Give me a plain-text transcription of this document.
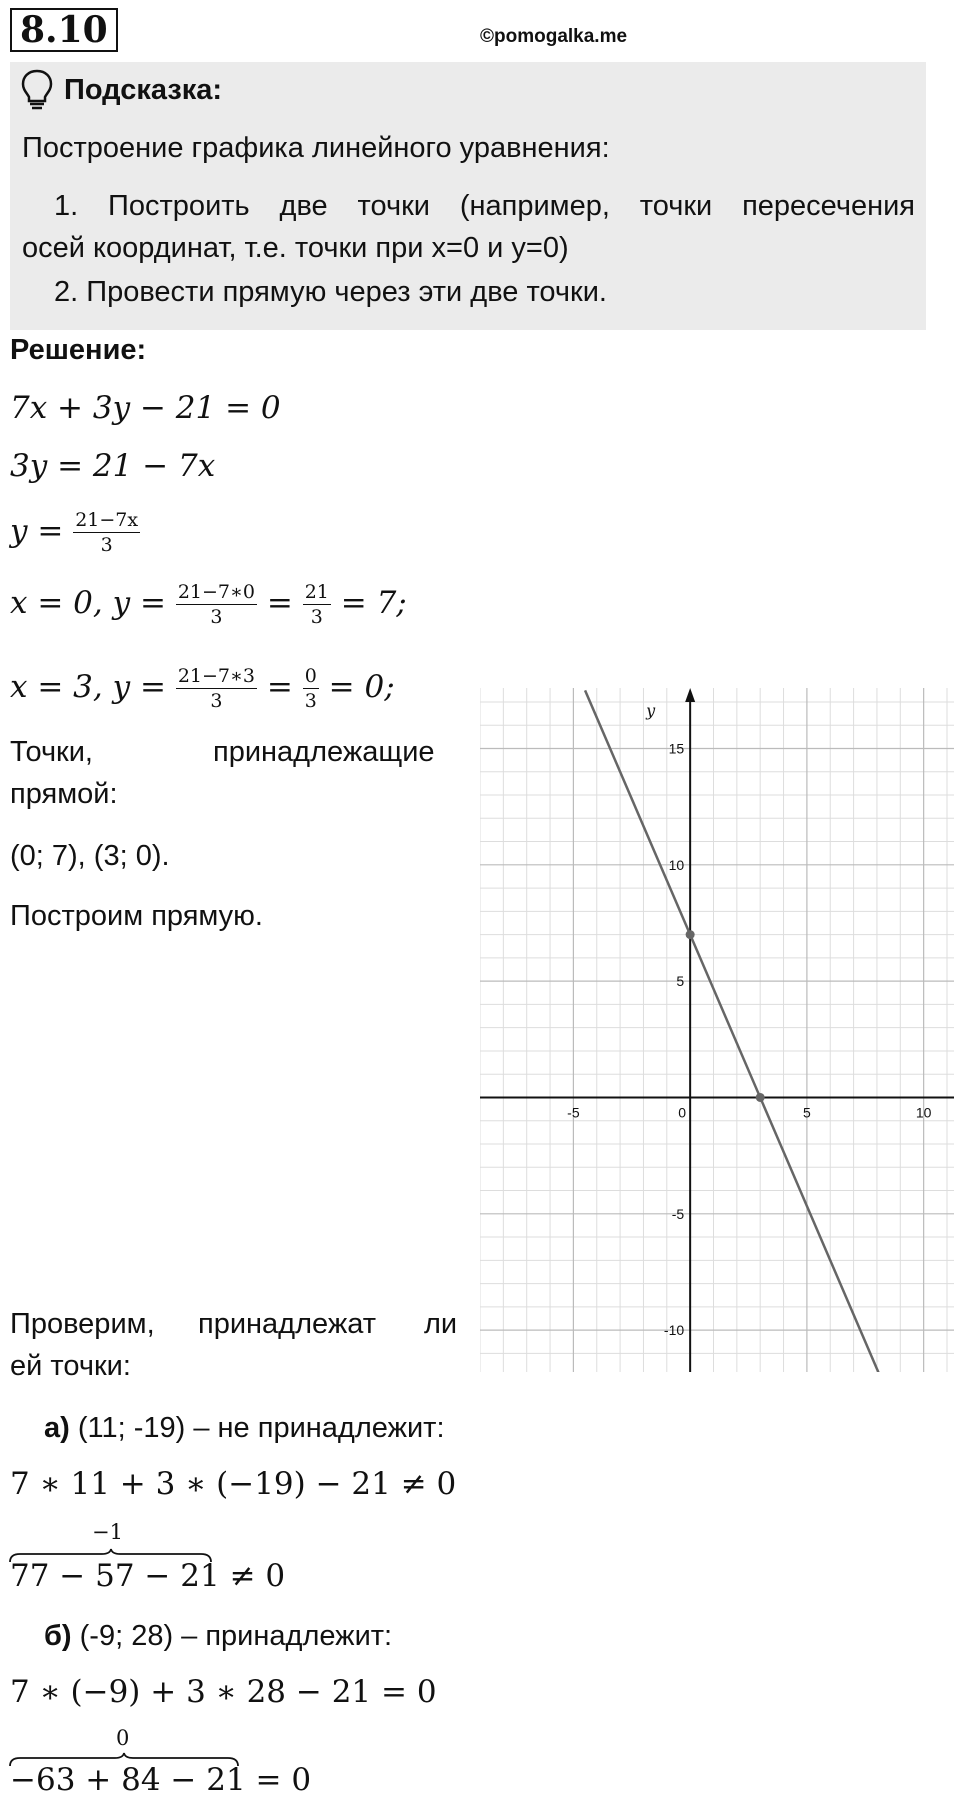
8.10	©pomogalka.me
Подсказка:
Построение графика линейного уравнения:
1. Построить две точки (например, точки пересечения
осей координат, т.е. точки при x=0 и y=0)
2. Провести прямую через эти две точки.
Решение:
7x + 3y − 21 = 0
3y = 21 − 7x
$y = \frac{21-7x}{3}$
x = 0, $y = \frac{21-7∗0}{3} = \frac{21}{3} = 7$;
x = 3, $y = \frac{21-7∗3}{3} = \frac{0}{3} = 0$;
Точки,	принадлежащие
прямой:
(0; 7), (3; 0).
Построим прямую.
-5	0	5	10
15
10
5
-5
-10
y
Проверим, принадлежат ли
ей точки:
а) (11; -19) – не принадлежит:
7 ∗ 11 + 3 ∗ (−19) − 21 ≠ 0
−1
77 − 57 − 21 ≠ 0
б) (-9; 28) – принадлежит:
7 ∗ (−9) + 3 ∗ 28 − 21 = 0
0
−63 + 84 − 21 = 0
